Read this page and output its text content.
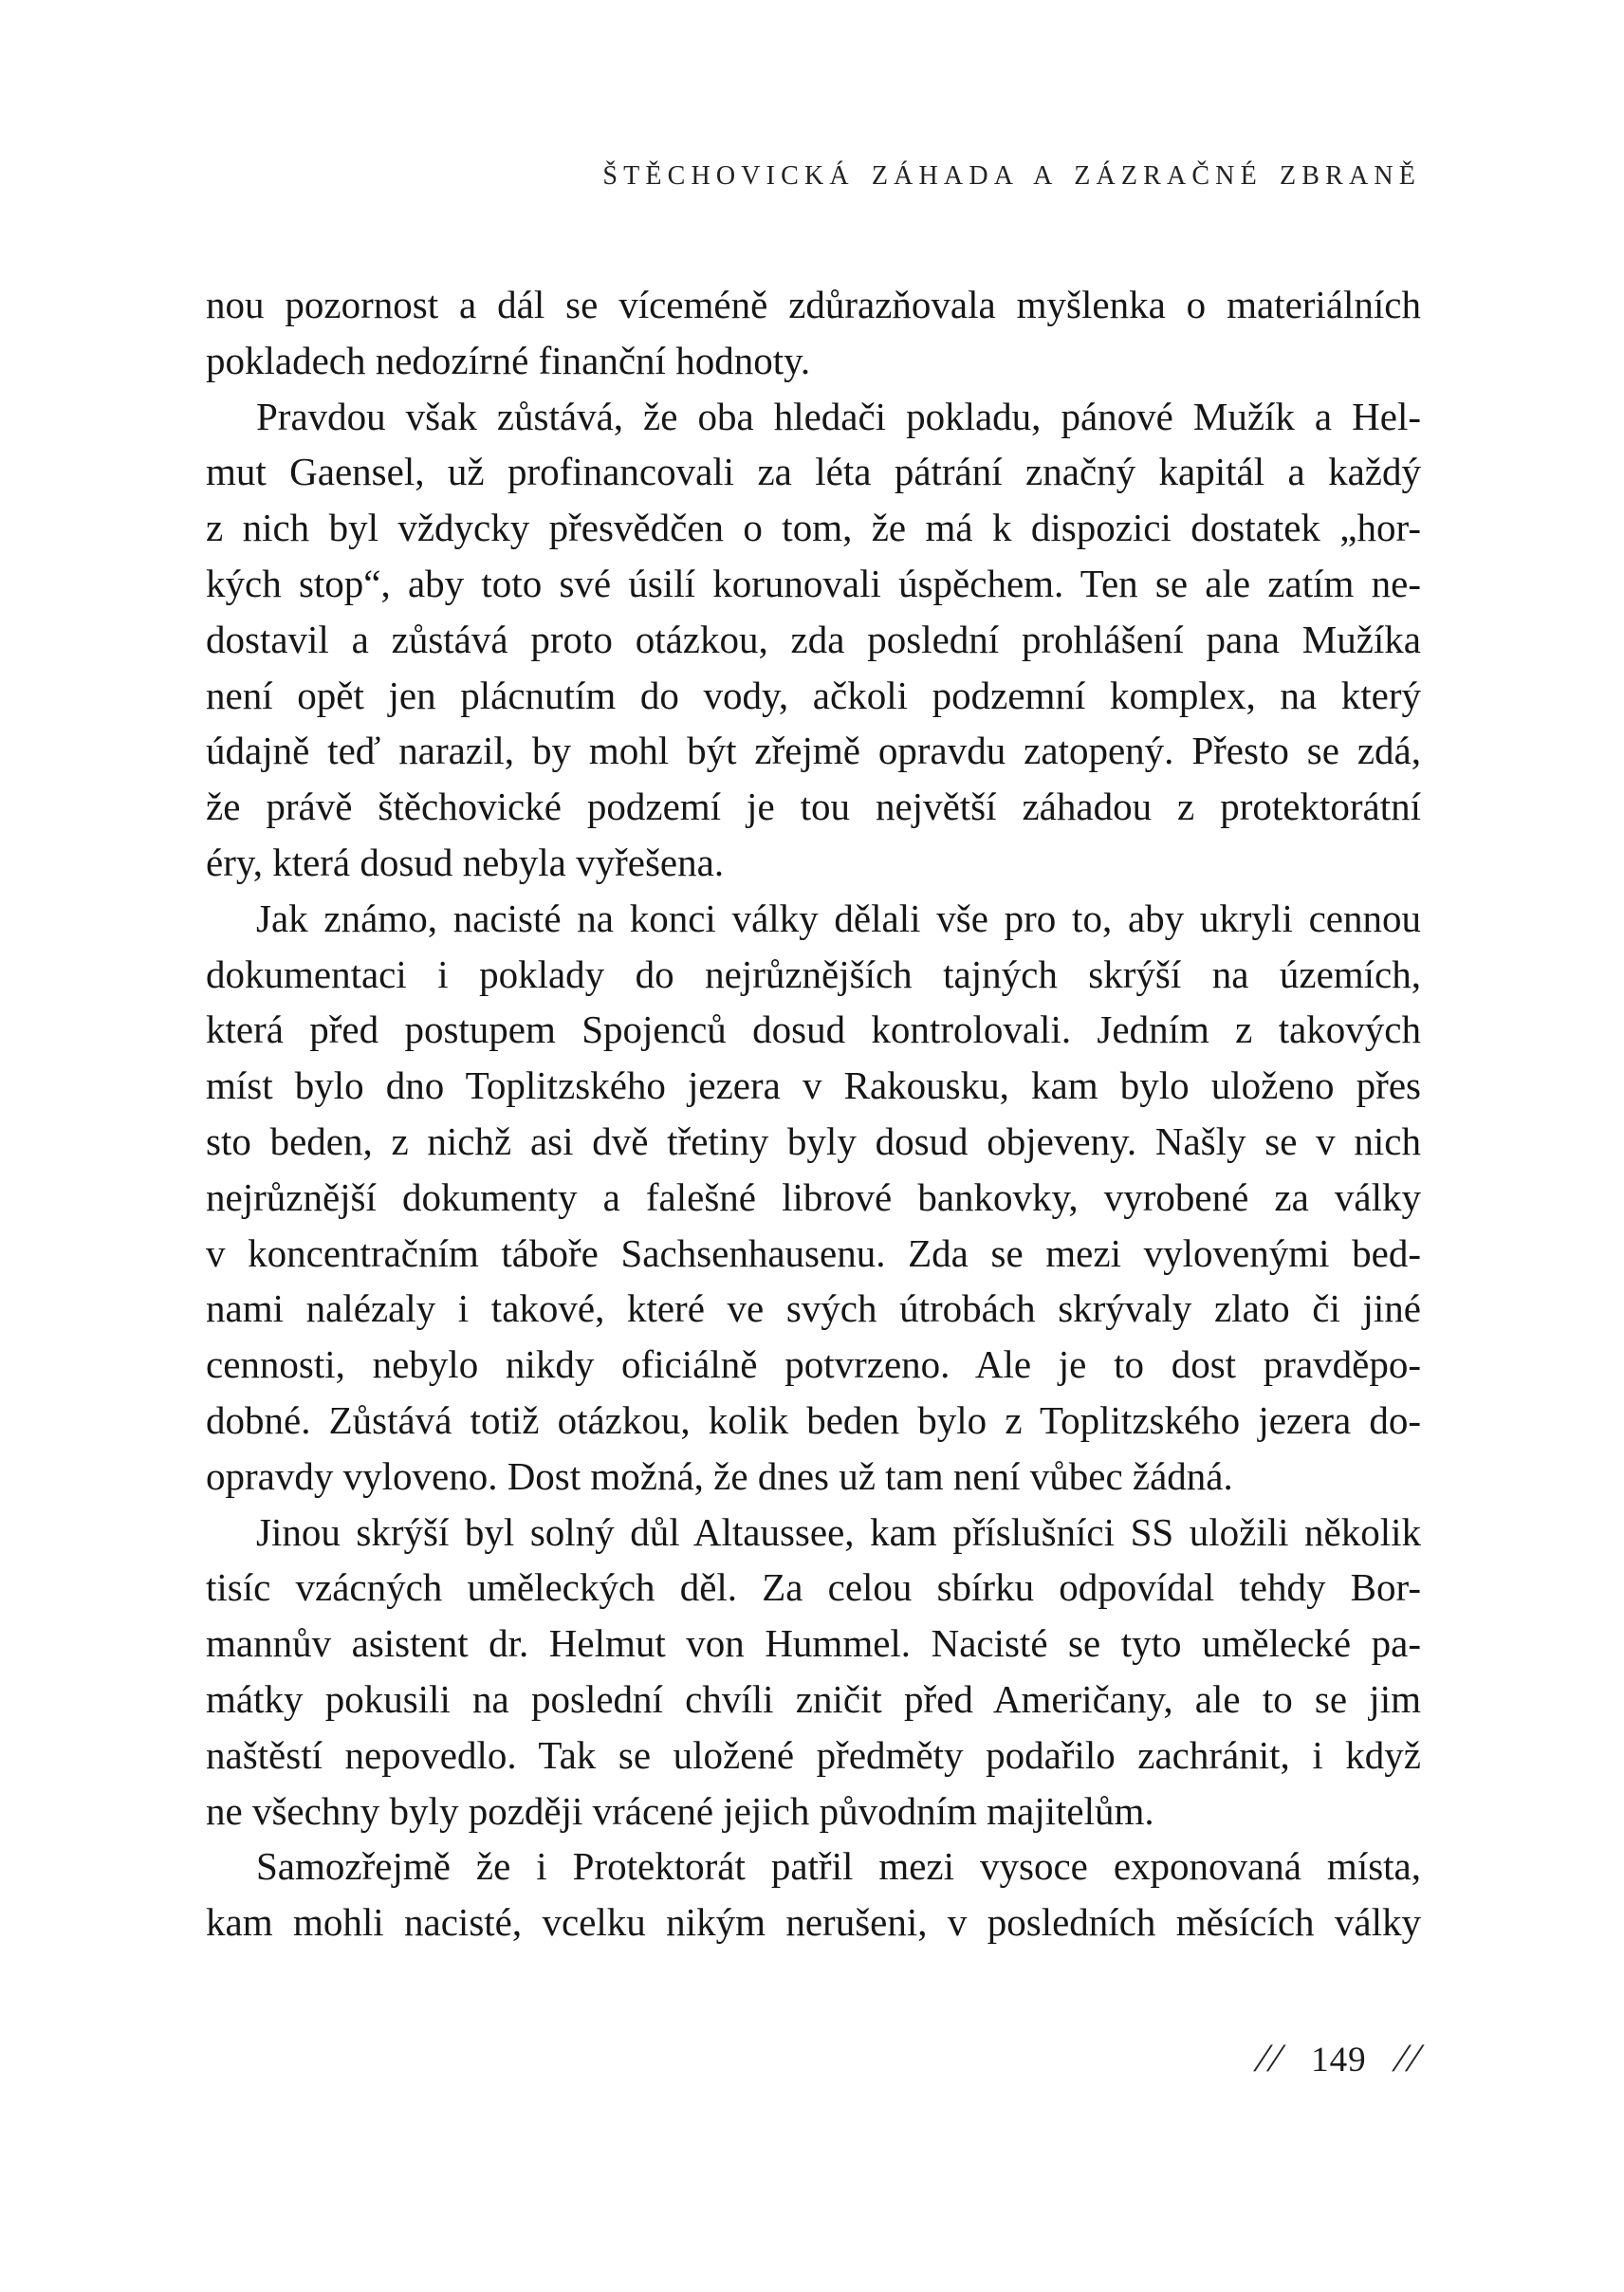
ŠTĚCHOVICKÁ ZÁHADA A ZÁZRAČNÉ ZBRANĚ
nou pozornost a dál se víceméně zdůrazňovala myšlenka o materiálních
pokladech nedozírné finanční hodnoty.
Pravdou však zůstává, že oba hledači pokladu, pánové Mužík a Hel-
mut Gaensel, už profinancovali za léta pátrání značný kapitál a každý
z nich byl vždycky přesvědčen o tom, že má k dispozici dostatek „hor-
kých stop“, aby toto své úsilí korunovali úspěchem. Ten se ale zatím ne-
dostavil a zůstává proto otázkou, zda poslední prohlášení pana Mužíka
není opět jen plácnutím do vody, ačkoli podzemní komplex, na který
údajně teď narazil, by mohl být zřejmě opravdu zatopený. Přesto se zdá,
že právě štěchovické podzemí je tou největší záhadou z protektorátní
éry, která dosud nebyla vyřešena.
Jak známo, nacisté na konci války dělali vše pro to, aby ukryli cennou
dokumentaci i poklady do nejrůznějších tajných skrýší na územích,
která před postupem Spojenců dosud kontrolovali. Jedním z takových
míst bylo dno Toplitzského jezera v Rakousku, kam bylo uloženo přes
sto beden, z nichž asi dvě třetiny byly dosud objeveny. Našly se v nich
nejrůznější dokumenty a falešné librové bankovky, vyrobené za války
v koncentračním táboře Sachsenhausenu. Zda se mezi vylovenými bed-
nami nalézaly i takové, které ve svých útrobách skrývaly zlato či jiné
cennosti, nebylo nikdy oficiálně potvrzeno. Ale je to dost pravděpo-
dobné. Zůstává totiž otázkou, kolik beden bylo z Toplitzského jezera do-
opravdy vyloveno. Dost možná, že dnes už tam není vůbec žádná.
Jinou skrýší byl solný důl Altaussee, kam příslušníci SS uložili několik
tisíc vzácných uměleckých děl. Za celou sbírku odpovídal tehdy Bor-
mannův asistent dr. Helmut von Hummel. Nacisté se tyto umělecké pa-
mátky pokusili na poslední chvíli zničit před Američany, ale to se jim
naštěstí nepovedlo. Tak se uložené předměty podařilo zachránit, i když
ne všechny byly později vrácené jejich původním majitelům.
Samozřejmě že i Protektorát patřil mezi vysoce exponovaná místa,
kam mohli nacisté, vcelku nikým nerušeni, v posledních měsících války
// 149 //
